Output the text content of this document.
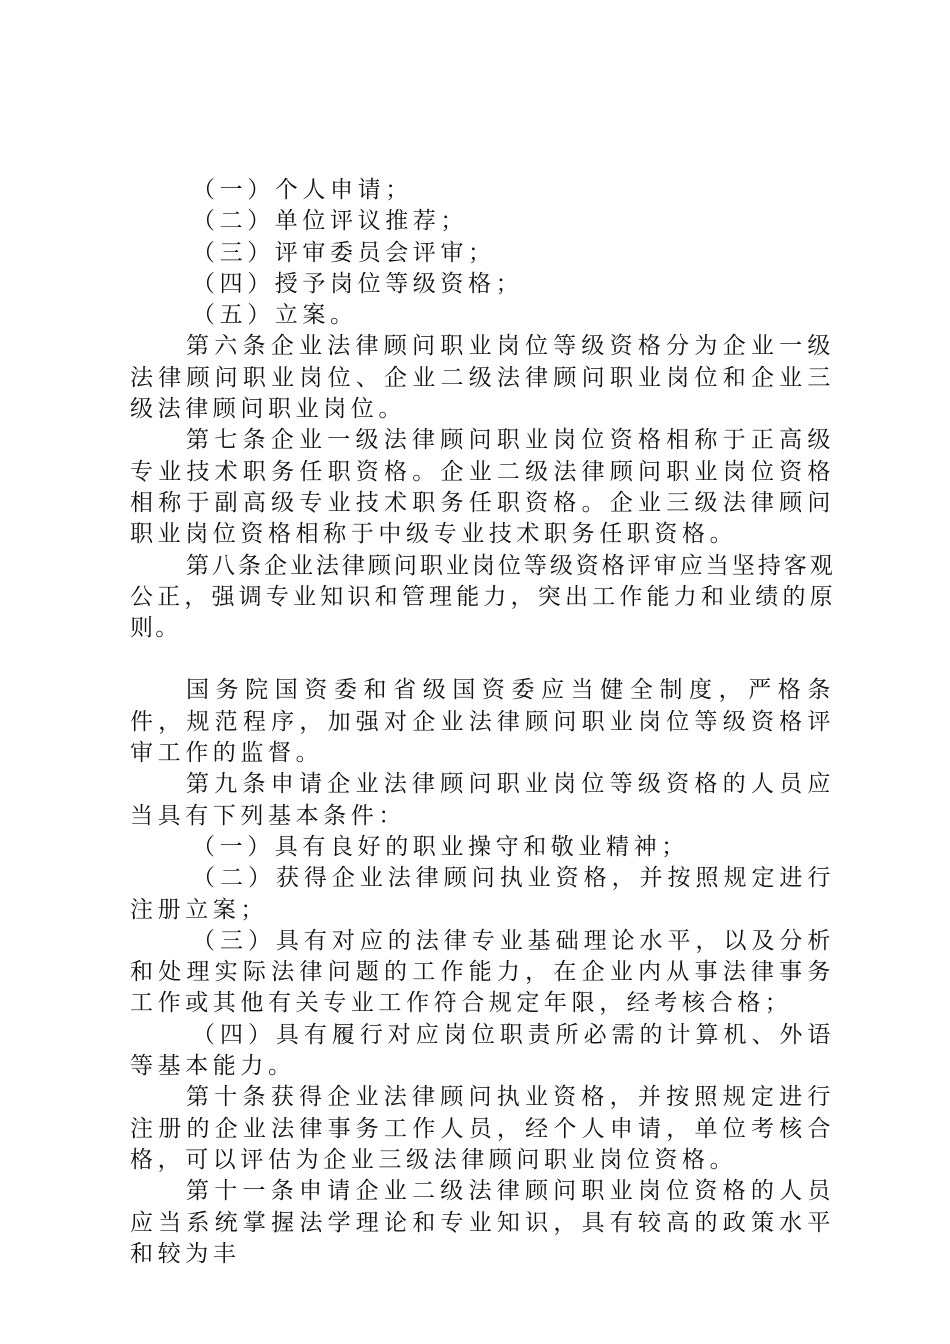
（一）个人申请；

（二）单位评议推荐；

（三）评审委员会评审；

（四）授予岗位等级资格；

（五）立案。

第六条企业法律顾问职业岗位等级资格分为企业一级法律顾问职业岗位、企业二级法律顾问职业岗位和企业三级法律顾问职业岗位。

第七条企业一级法律顾问职业岗位资格相称于正高级专业技术职务任职资格。企业二级法律顾问职业岗位资格相称于副高级专业技术职务任职资格。企业三级法律顾问职业岗位资格相称于中级专业技术职务任职资格。

第八条企业法律顾问职业岗位等级资格评审应当坚持客观公正，强调专业知识和管理能力，突出工作能力和业绩的原则。

国务院国资委和省级国资委应当健全制度，严格条件，规范程序，加强对企业法律顾问职业岗位等级资格评审工作的监督。

第九条申请企业法律顾问职业岗位等级资格的人员应当具有下列基本条件：

（一）具有良好的职业操守和敬业精神；

（二）获得企业法律顾问执业资格，并按照规定进行注册立案；

（三）具有对应的法律专业基础理论水平，以及分析和处理实际法律问题的工作能力，在企业内从事法律事务工作或其他有关专业工作符合规定年限，经考核合格；

（四）具有履行对应岗位职责所必需的计算机、外语等基本能力。

第十条获得企业法律顾问执业资格，并按照规定进行注册的企业法律事务工作人员，经个人申请，单位考核合格，可以评估为企业三级法律顾问职业岗位资格。

第十一条申请企业二级法律顾问职业岗位资格的人员应当系统掌握法学理论和专业知识，具有较高的政策水平和较为丰
